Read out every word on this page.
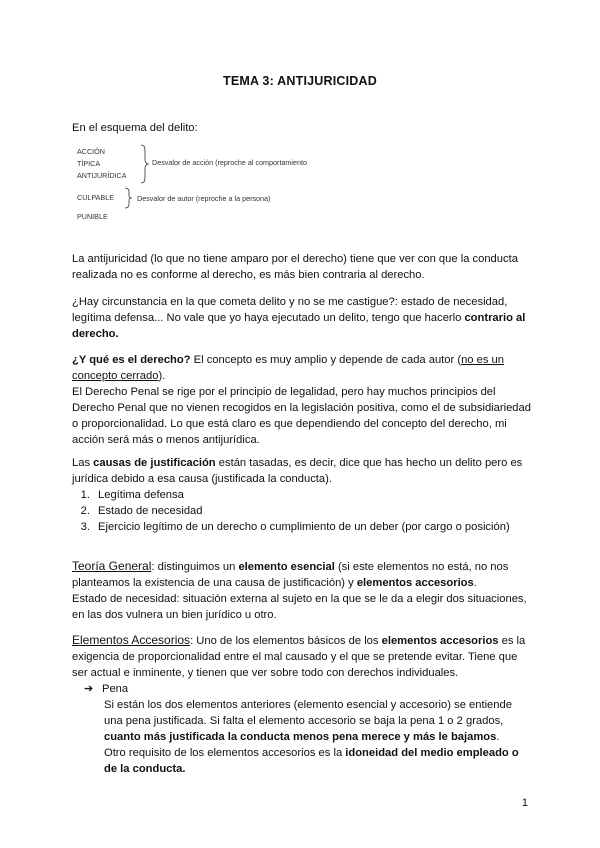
TEMA 3: ANTIJURICIDAD
En el esquema del delito:
ACCIÓN
TÍPICA
ANTIJURÍDICA
Desvalor de acción (reproche al comportamiento
CULPABLE	Desvalor de autor (reproche a la persona)
PUNIBLE
La antijuricidad (lo que no tiene amparo por el derecho) tiene que ver con que la conducta realizada no es conforme al derecho, es más bien contraria al derecho.
¿Hay circunstancia en la que cometa delito y no se me castigue?: estado de necesidad, legítima defensa... No vale que yo haya ejecutado un delito, tengo que hacerlo contrario al derecho.
¿Y qué es el derecho? El concepto es muy amplio y depende de cada autor (no es un concepto cerrado).
El Derecho Penal se rige por el principio de legalidad, pero hay muchos principios del Derecho Penal que no vienen recogidos en la legislación positiva, como el de subsidiariedad o proporcionalidad. Lo que está claro es que dependiendo del concepto del derecho, mi acción será más o menos antijurídica.
Las causas de justificación están tasadas, es decir, dice que has hecho un delito pero es jurídica debido a esa causa (justificada la conducta).
1. Legítima defensa
2. Estado de necesidad
3. Ejercicio legítimo de un derecho o cumplimiento de un deber (por cargo o posición)
Teoría General: distinguimos un elemento esencial (si este elementos no está, no nos planteamos la existencia de una causa de justificación) y elementos accesorios.
Estado de necesidad: situación externa al sujeto en la que se le da a elegir dos situaciones, en las dos vulnera un bien jurídico u otro.
Elementos Accesorios: Uno de los elementos básicos de los elementos accesorios es la exigencia de proporcionalidad entre el mal causado y el que se pretende evitar. Tiene que ser actual e inminente, y tienen que ver sobre todo con derechos individuales.
➔ Pena
Si están los dos elementos anteriores (elemento esencial y accesorio) se entiende una pena justificada. Si falta el elemento accesorio se baja la pena 1 o 2 grados, cuanto más justificada la conducta menos pena merece y más le bajamos.
Otro requisito de los elementos accesorios es la idoneidad del medio empleado o de la conducta.
1
